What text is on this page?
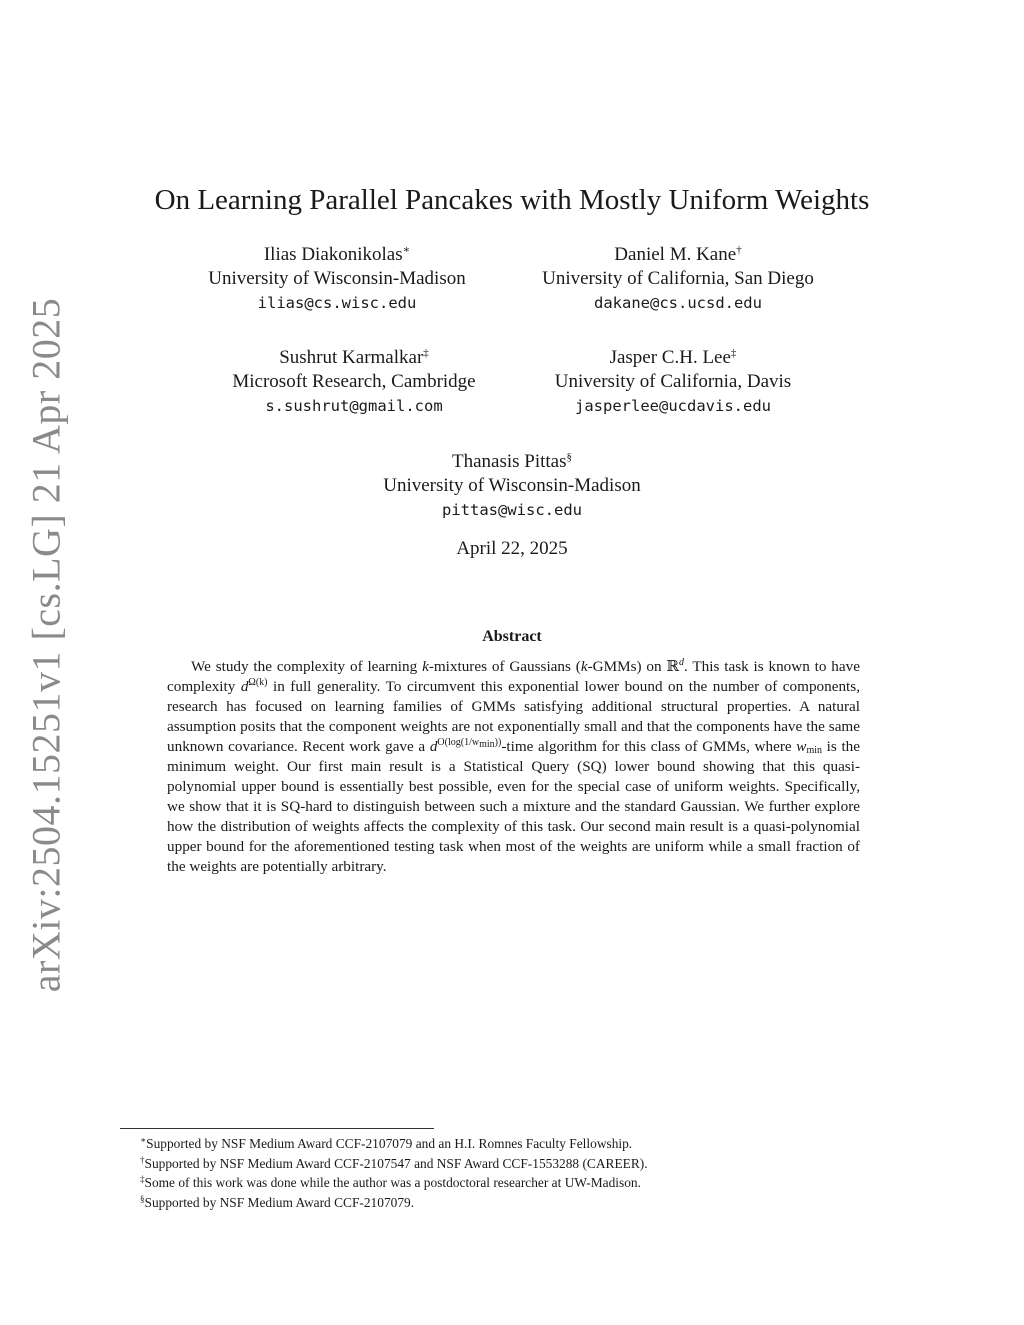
arXiv:2504.15251v1 [cs.LG] 21 Apr 2025
On Learning Parallel Pancakes with Mostly Uniform Weights
Ilias Diakonikolas∗
University of Wisconsin-Madison
ilias@cs.wisc.edu
Daniel M. Kane†
University of California, San Diego
dakane@cs.ucsd.edu
Sushrut Karmalkar‡
Microsoft Research, Cambridge
s.sushrut@gmail.com
Jasper C.H. Lee‡
University of California, Davis
jasperlee@ucdavis.edu
Thanasis Pittas§
University of Wisconsin-Madison
pittas@wisc.edu
April 22, 2025
Abstract

We study the complexity of learning k-mixtures of Gaussians (k-GMMs) on ℝ$^d$. This task is known to have complexity $d^{\Omega(k)}$ in full generality. To circumvent this exponential lower bound on the number of components, research has focused on learning families of GMMs satisfying additional structural properties. A natural assumption posits that the component weights are not exponentially small and that the components have the same unknown covariance. Recent work gave a $d^{O(log(1/w_{min}))}$-time algorithm for this class of GMMs, where $w_{min}$ is the minimum weight. Our first main result is a Statistical Query (SQ) lower bound showing that this quasi-polynomial upper bound is essentially best possible, even for the special case of uniform weights. Specifically, we show that it is SQ-hard to distinguish between such a mixture and the standard Gaussian. We further explore how the distribution of weights affects the complexity of this task. Our second main result is a quasi-polynomial upper bound for the aforementioned testing task when most of the weights are uniform while a small fraction of the weights are potentially arbitrary.

∗Supported by NSF Medium Award CCF-2107079 and an H.I. Romnes Faculty Fellowship.
†Supported by NSF Medium Award CCF-2107547 and NSF Award CCF-1553288 (CAREER).
‡Some of this work was done while the author was a postdoctoral researcher at UW-Madison.
§Supported by NSF Medium Award CCF-2107079.
